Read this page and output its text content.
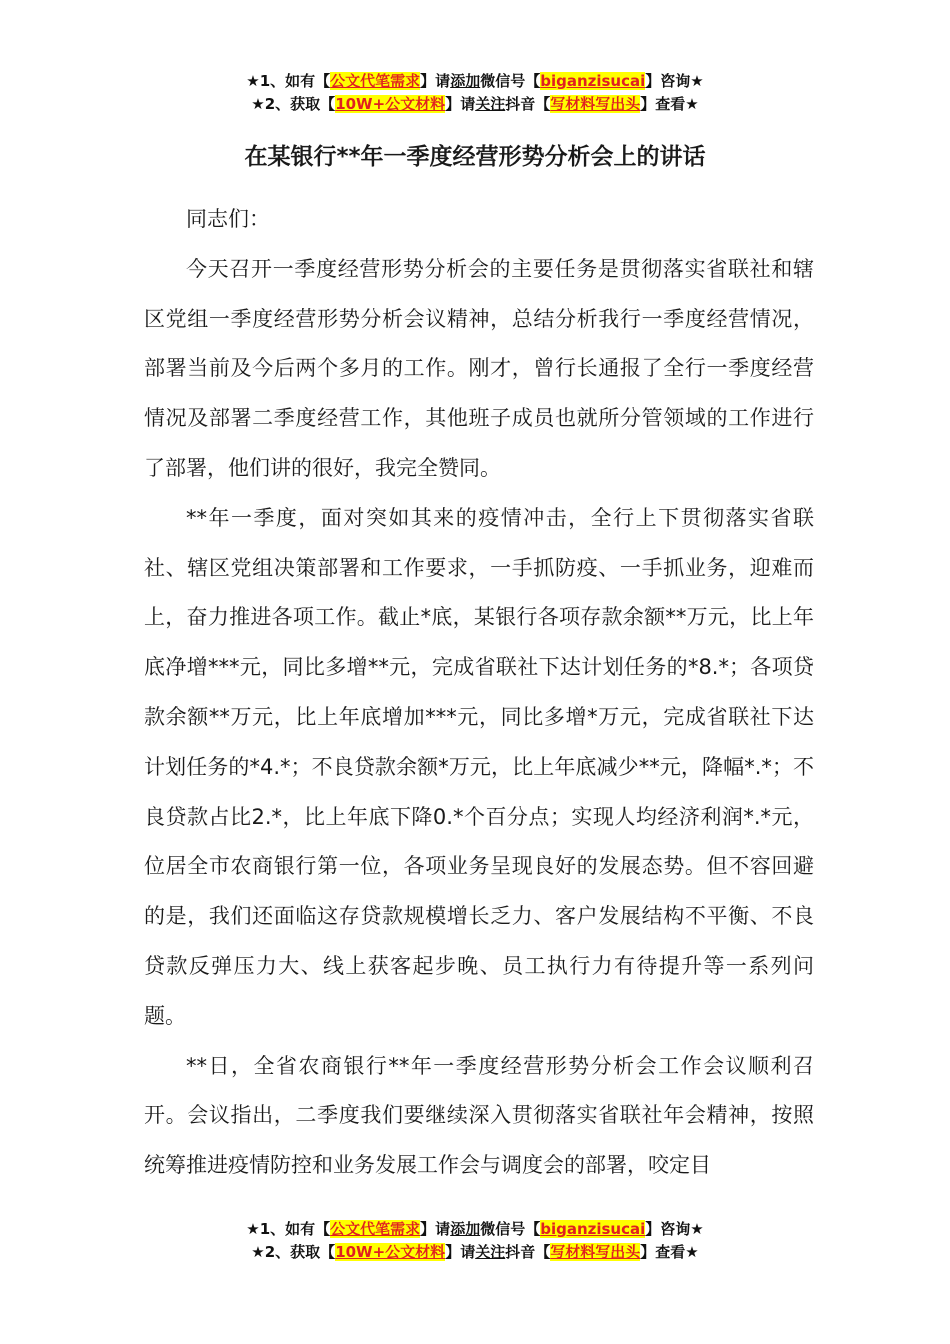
★1、如有【公文代笔需求】请添加微信号【biganzisucai】咨询★
★2、获取【10W+公文材料】请关注抖音【写材料写出头】查看★
在某银行**年一季度经营形势分析会上的讲话

同志们：

今天召开一季度经营形势分析会的主要任务是贯彻落实省联社和辖区党组一季度经营形势分析会议精神，总结分析我行一季度经营情况，部署当前及今后两个多月的工作。刚才，曾行长通报了全行一季度经营情况及部署二季度经营工作，其他班子成员也就所分管领域的工作进行了部署，他们讲的很好，我完全赞同。

**年一季度，面对突如其来的疫情冲击，全行上下贯彻落实省联社、辖区党组决策部署和工作要求，一手抓防疫、一手抓业务，迎难而上，奋力推进各项工作。截止*底，某银行各项存款余额**万元，比上年底净增***元，同比多增**元，完成省联社下达计划任务的*8.*；各项贷款余额**万元，比上年底增加***元，同比多增*万元，完成省联社下达计划任务的*4.*；不良贷款余额*万元，比上年底减少**元，降幅*.*；不良贷款占比2.*，比上年底下降0.*个百分点；实现人均经济利润*.*元，位居全市农商银行第一位，各项业务呈现良好的发展态势。但不容回避的是，我们还面临这存贷款规模增长乏力、客户发展结构不平衡、不良贷款反弹压力大、线上获客起步晚、员工执行力有待提升等一系列问题。

**日，全省农商银行**年一季度经营形势分析会工作会议顺利召开。会议指出，二季度我们要继续深入贯彻落实省联社年会精神，按照统筹推进疫情防控和业务发展工作会与调度会的部署，咬定目

★1、如有【公文代笔需求】请添加微信号【biganzisucai】咨询★
★2、获取【10W+公文材料】请关注抖音【写材料写出头】查看★
